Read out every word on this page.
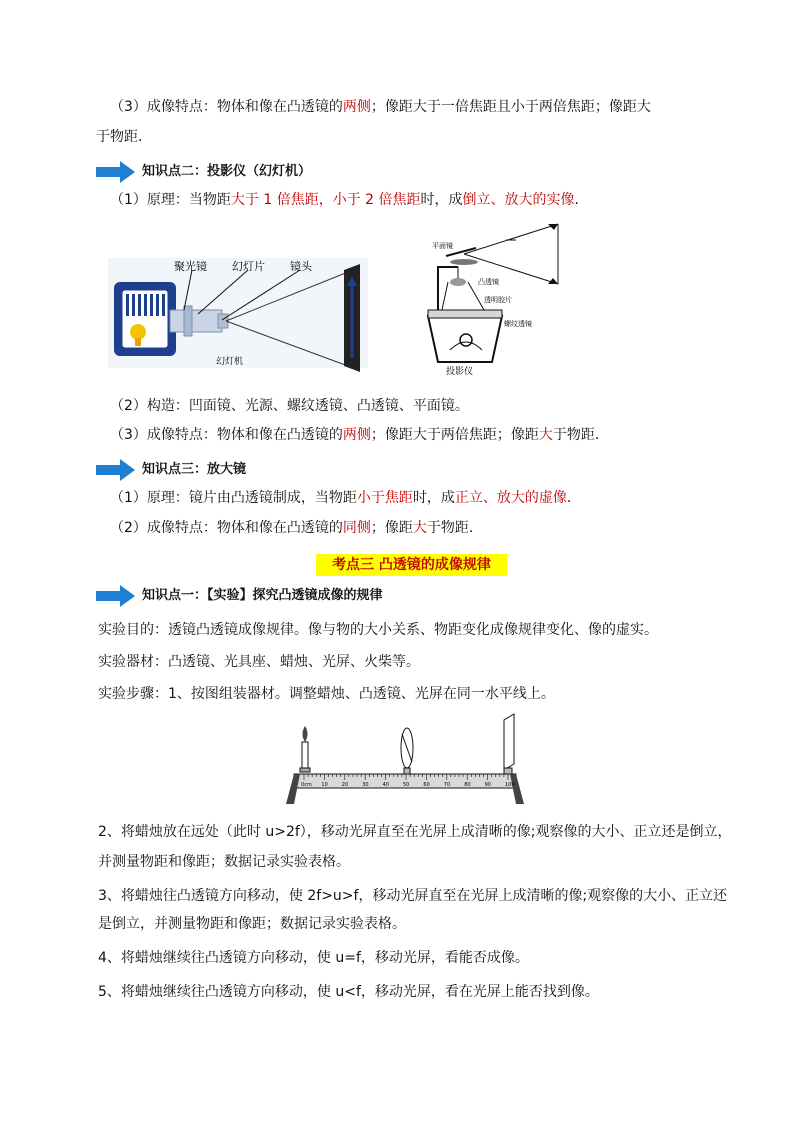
（3）成像特点：物体和像在凸透镜的两侧；像距大于一倍焦距且小于两倍焦距；像距大
于物距.
知识点二：投影仪（幻灯机）
（1）原理：当物距大于 1 倍焦距，小于 2 倍焦距时，成倒立、放大的实像.
聚光镜 幻灯片 镜头
幻灯机
平面镜
凸透镜
透明胶片
螺纹透镜
投影仪
（2）构造：凹面镜、光源、螺纹透镜、凸透镜、平面镜。
（3）成像特点：物体和像在凸透镜的两侧；像距大于两倍焦距；像距大于物距.
知识点三：放大镜
（1）原理：镜片由凸透镜制成，当物距小于焦距时，成正立、放大的虚像.
（2）成像特点：物体和像在凸透镜的同侧；像距大于物距.
考点三 凸透镜的成像规律
知识点一：【实验】探究凸透镜成像的规律
实验目的：透镜凸透镜成像规律。像与物的大小关系、物距变化成像规律变化、像的虚实。
实验器材：凸透镜、光具座、蜡烛、光屏、火柴等。
实验步骤：1、按图组装器材。调整蜡烛、凸透镜、光屏在同一水平线上。
0cm 10	20	30	40	50	60	70	80	90	100
2、将蜡烛放在远处（此时 u>2f），移动光屏直至在光屏上成清晰的像;观察像的大小、正立还是倒立，
并测量物距和像距；数据记录实验表格。
3、将蜡烛往凸透镜方向移动，使 2f>u>f，移动光屏直至在光屏上成清晰的像;观察像的大小、正立还
是倒立，并测量物距和像距；数据记录实验表格。
4、将蜡烛继续往凸透镜方向移动，使 u=f，移动光屏，看能否成像。
5、将蜡烛继续往凸透镜方向移动，使 u<f，移动光屏，看在光屏上能否找到像。
